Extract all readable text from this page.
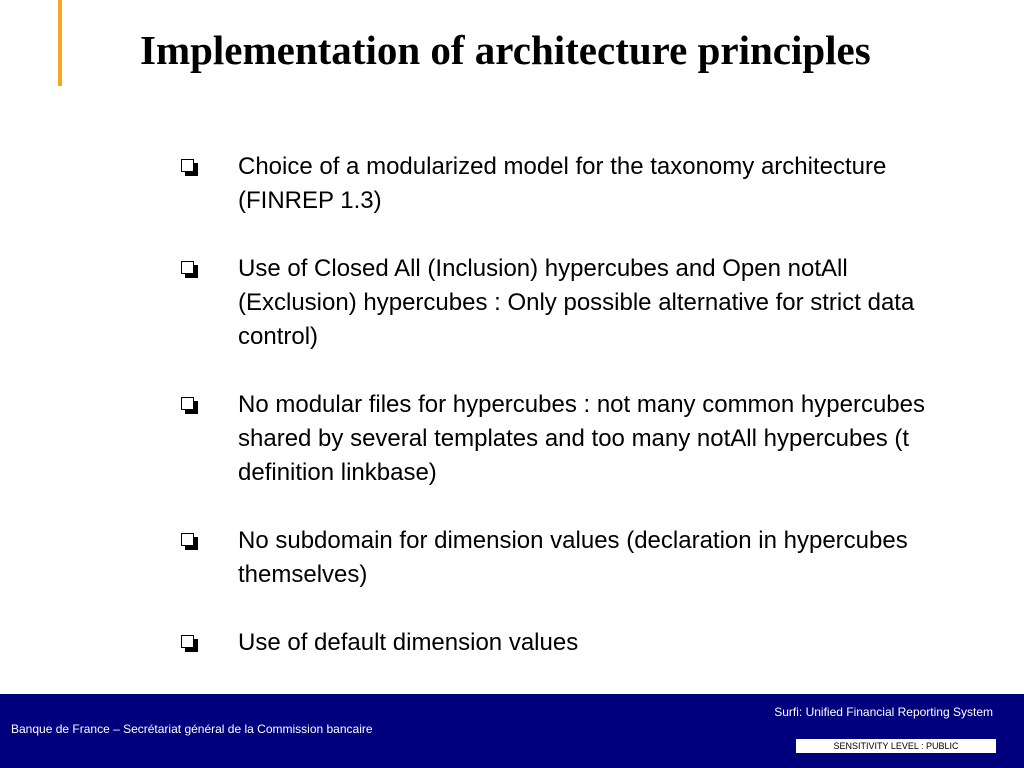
Implementation of architecture principles
Choice of a modularized model for the taxonomy architecture (FINREP 1.3)
Use of Closed All (Inclusion) hypercubes and Open notAll (Exclusion) hypercubes : Only possible alternative for strict data control)
No modular files for hypercubes : not many common hypercubes shared by several templates and too many notAll hypercubes (t definition linkbase)
No subdomain for dimension values (declaration in hypercubes themselves)
Use of default dimension values
Surfi: Unified Financial Reporting System
Banque de France – Secrétariat général de la Commission bancaire
SENSITIVITY LEVEL : PUBLIC
